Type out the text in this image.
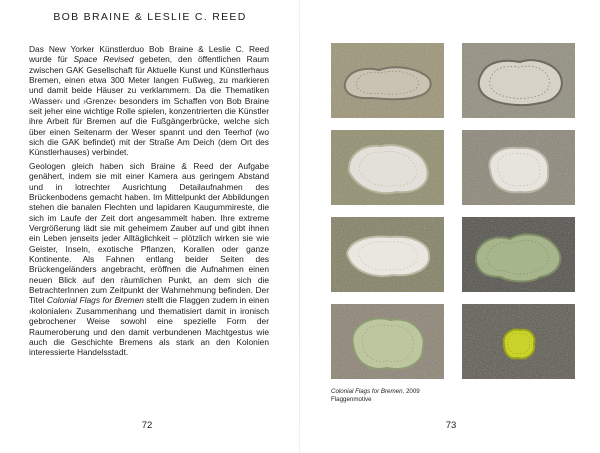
BOB BRAINE & LESLIE C. REED

Das New Yorker Künstlerduo Bob Braine & Leslie C. Reed wurde für Space Revised gebeten, den öffentlichen Raum zwischen GAK Gesellschaft für Aktuelle Kunst und Künstlerhaus Bremen, einen etwa 300 Meter langen Fußweg, zu markieren und damit beide Häuser zu verklammern. Da die Thematiken ›Wasser‹ und ›Grenze‹ besonders im Schaffen von Bob Braine seit jeher eine wichtige Rolle spielen, konzentrierten die Künstler ihre Arbeit für Bremen auf die Fußgängerbrücke, welche sich über einen Seitenarm der Weser spannt und den Teerhof (wo sich die GAK befindet) mit der Straße Am Deich (dem Ort des Künstlerhauses) verbindet.

Geologen gleich haben sich Braine & Reed der Aufgabe genähert, indem sie mit einer Kamera aus geringem Abstand und in lotrechter Ausrichtung Detailaufnahmen des Brückenbodens gemacht haben. Im Mittelpunkt der Abbildungen stehen die banalen Flechten und lapidaren Kaugummireste, die sich im Laufe der Zeit dort angesammelt haben. Ihre extreme Vergrößerung lädt sie mit geheimem Zauber auf und gibt ihnen ein Leben jenseits jeder Alltäglichkeit – plötzlich wirken sie wie Geister, Inseln, exotische Pflanzen, Korallen oder ganze Kontinente. Als Fahnen entlang beider Seiten des Brückengeländers angebracht, eröffnen die Aufnahmen einen neuen Blick auf den räumlichen Punkt, an dem sich die BetrachterInnen zum Zeitpunkt der Wahrnehmung befinden. Der Titel Colonial Flags for Bremen stellt die Flaggen zudem in einen ›kolonialen‹ Zusammenhang und thematisiert damit in ironisch gebrochener Weise sowohl eine spezielle Form der Raumeroberung und den damit verbundenen Machtgestus wie auch die Geschichte Bremens als stark an den Kolonien interessierte Handelsstadt.

72
Colonial Flags for Bremen, 2009
Flaggenmotive
73
